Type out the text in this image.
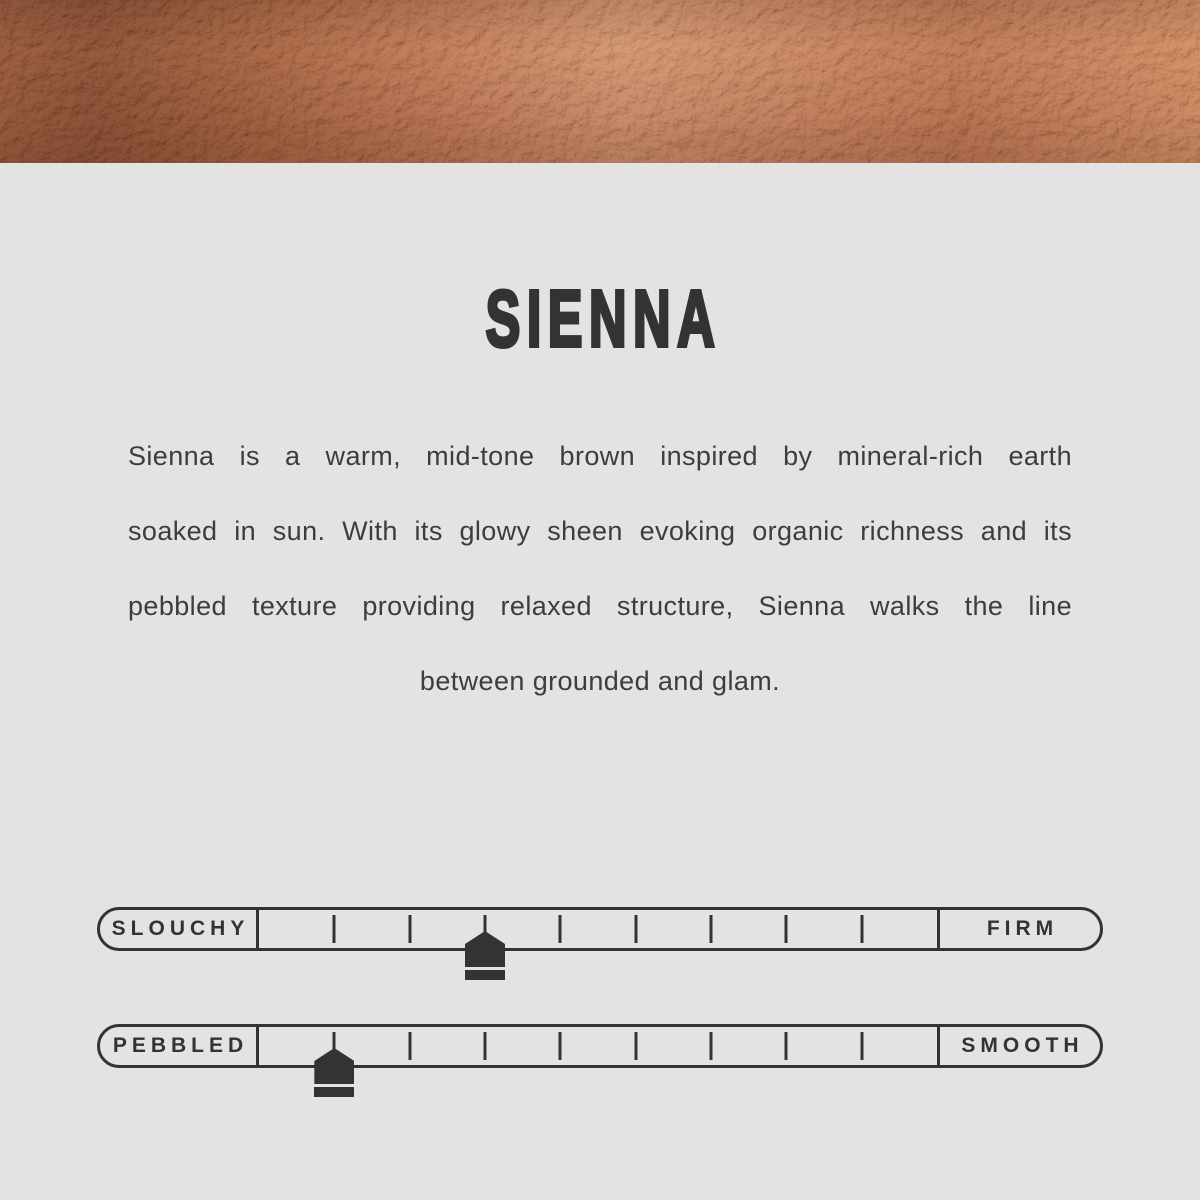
SIENNA
Sienna is a warm, mid-tone brown inspired by mineral-rich earth
soaked in sun. With its glowy sheen evoking organic richness and its
pebbled texture providing relaxed structure, Sienna walks the line
between grounded and glam.
SLOUCHY	FIRM
PEBBLED	SMOOTH
